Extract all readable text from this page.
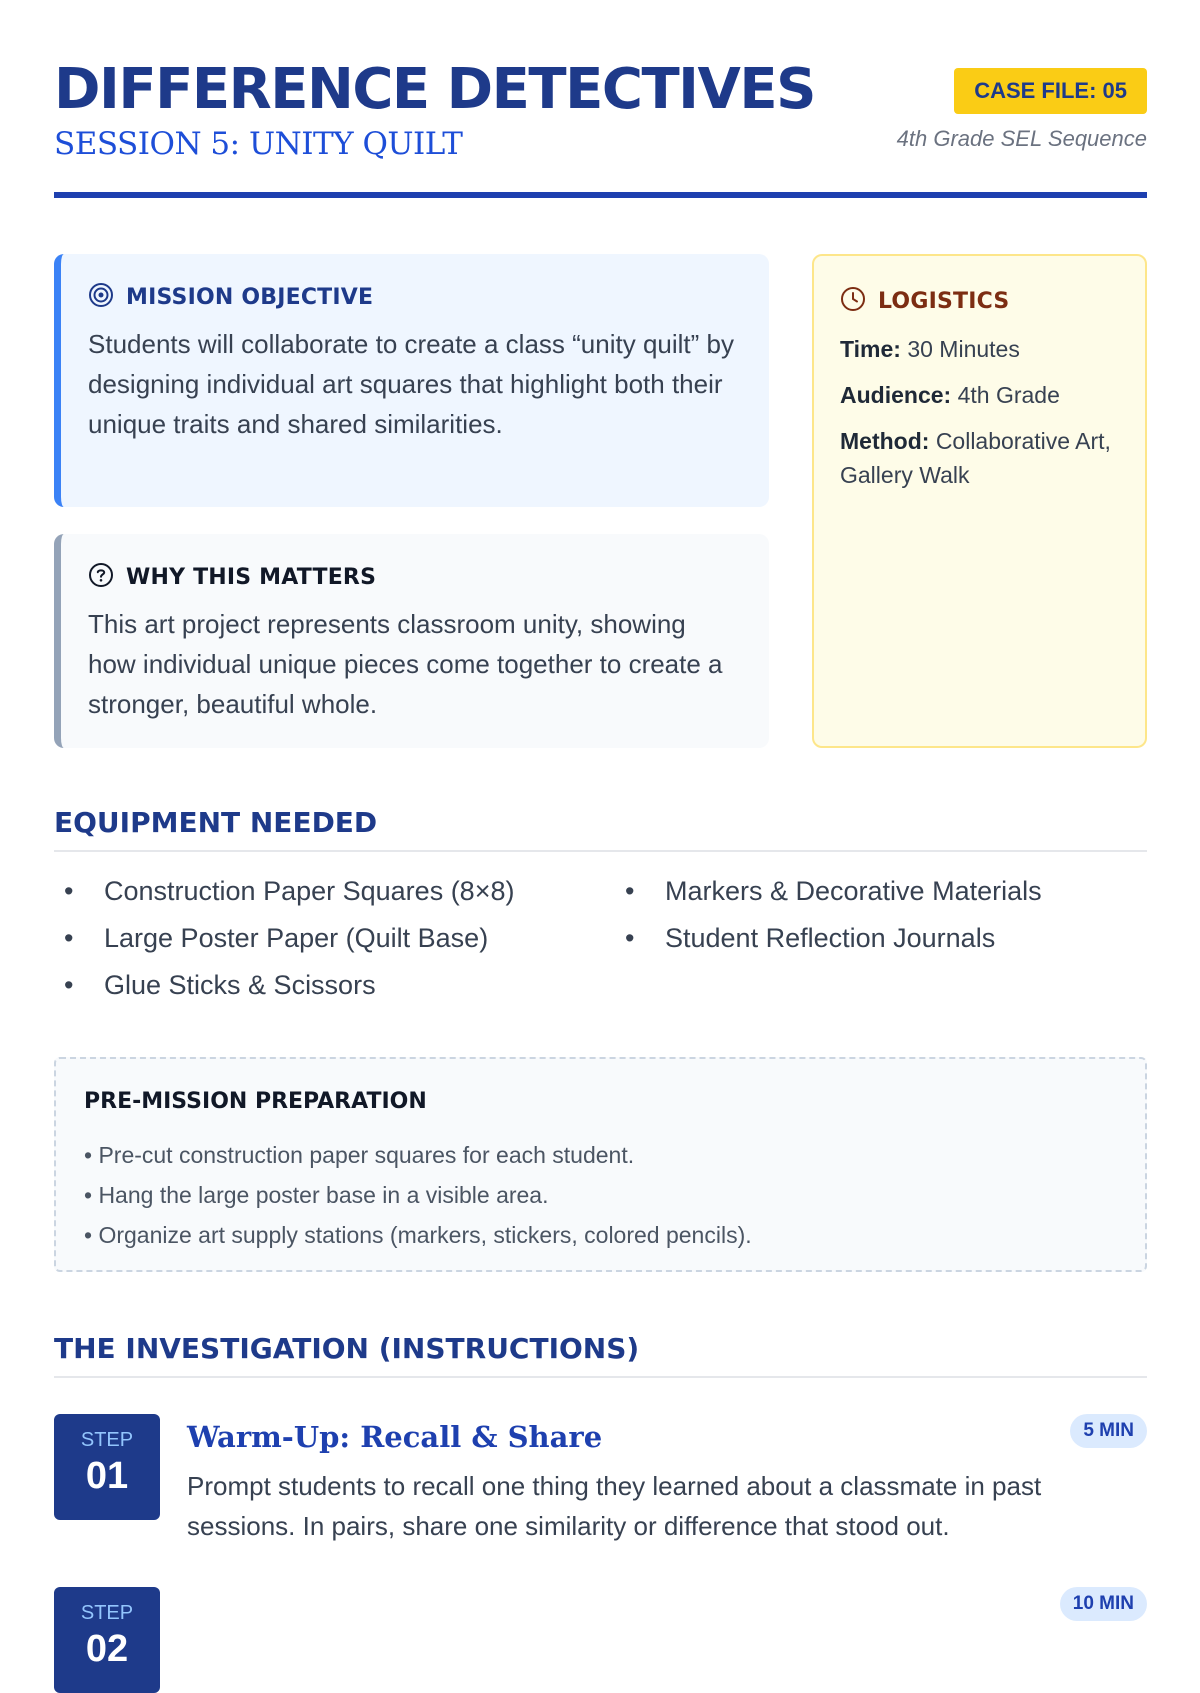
DIFFERENCE DETECTIVES
SESSION 5: UNITY QUILT
CASE FILE: 05
4th Grade SEL Sequence
MISSION OBJECTIVE
Students will collaborate to create a class “unity quilt” by designing individual art squares that highlight both their unique traits and shared similarities.
WHY THIS MATTERS
This art project represents classroom unity, showing how individual unique pieces come together to create a stronger, beautiful whole.
LOGISTICS
Time: 30 Minutes
Audience: 4th Grade
Method: Collaborative Art, Gallery Walk
EQUIPMENT NEEDED
• Construction Paper Squares (8×8)
• Large Poster Paper (Quilt Base)
• Glue Sticks & Scissors
• Markers & Decorative Materials
• Student Reflection Journals
PRE-MISSION PREPARATION
• Pre-cut construction paper squares for each student.
• Hang the large poster base in a visible area.
• Organize art supply stations (markers, stickers, colored pencils).
THE INVESTIGATION (INSTRUCTIONS)
STEP
01
Warm-Up: Recall & Share	5 MIN
Prompt students to recall one thing they learned about a classmate in past sessions. In pairs, share one similarity or difference that stood out.
STEP
02
10 MIN
